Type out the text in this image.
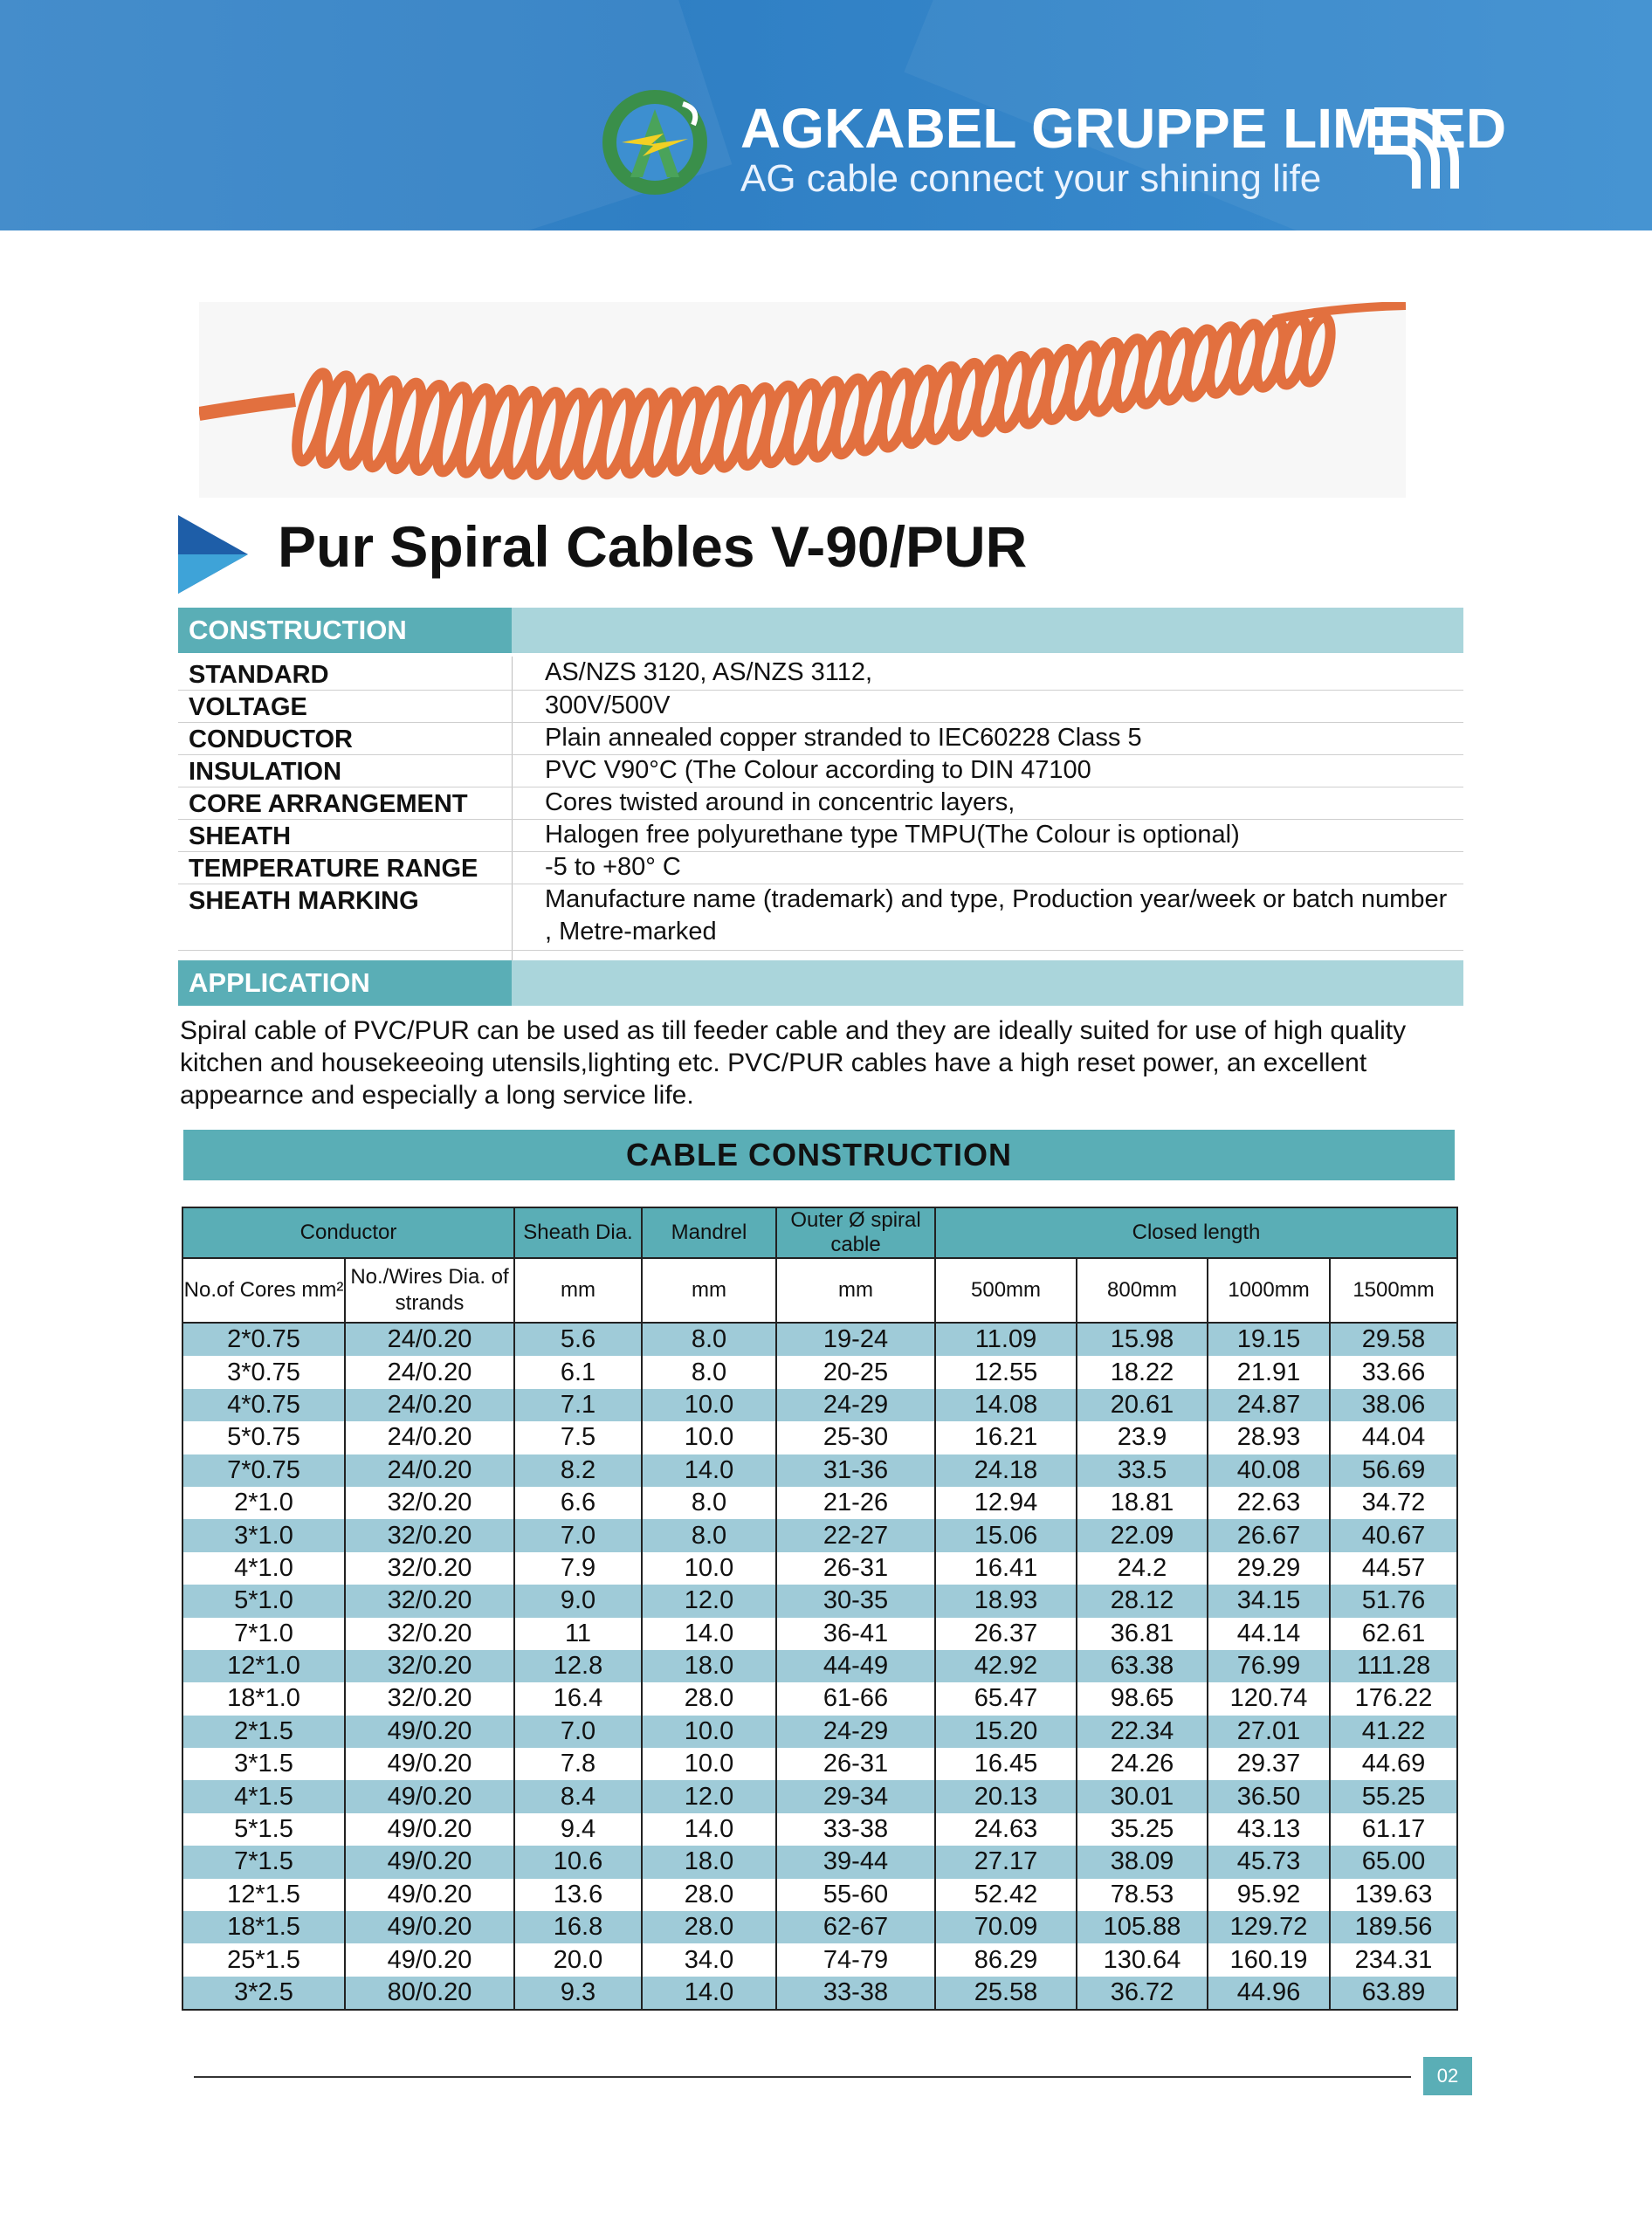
AGKABEL GRUPPE LIMITED
AG cable connect your shining life
Pur Spiral Cables V-90/PUR
CONSTRUCTION
STANDARD	AS/NZS 3120, AS/NZS 3112,
VOLTAGE	300V/500V
CONDUCTOR	Plain annealed copper stranded to IEC60228 Class 5
INSULATION	PVC V90°C (The Colour according to DIN 47100
CORE ARRANGEMENT	Cores twisted around in concentric layers,
SHEATH	Halogen free polyurethane type TMPU(The Colour is optional)
TEMPERATURE RANGE	-5 to +80° C
SHEATH MARKING	Manufacture name (trademark) and type, Production year/week or batch number , Metre-marked
APPLICATION
Spiral cable of PVC/PUR can be used as till feeder cable and they are ideally suited for use of high quality kitchen and housekeeoing utensils,lighting etc. PVC/PUR cables have a high reset power, an excellent appearnce and especially a long service life.
CABLE CONSTRUCTION
Conductor		Sheath Dia.	Mandrel	Outer Ø spiral cable	Closed length			
No.of Cores mm²	No./Wires Dia. of strands	mm	mm	mm	500mm	800mm	1000mm	1500mm
2*0.75	24/0.20	5.6	8.0	19-24	11.09	15.98	19.15	29.58
3*0.75	24/0.20	6.1	8.0	20-25	12.55	18.22	21.91	33.66
4*0.75	24/0.20	7.1	10.0	24-29	14.08	20.61	24.87	38.06
5*0.75	24/0.20	7.5	10.0	25-30	16.21	23.9	28.93	44.04
7*0.75	24/0.20	8.2	14.0	31-36	24.18	33.5	40.08	56.69
2*1.0	32/0.20	6.6	8.0	21-26	12.94	18.81	22.63	34.72
3*1.0	32/0.20	7.0	8.0	22-27	15.06	22.09	26.67	40.67
4*1.0	32/0.20	7.9	10.0	26-31	16.41	24.2	29.29	44.57
5*1.0	32/0.20	9.0	12.0	30-35	18.93	28.12	34.15	51.76
7*1.0	32/0.20	11	14.0	36-41	26.37	36.81	44.14	62.61
12*1.0	32/0.20	12.8	18.0	44-49	42.92	63.38	76.99	111.28
18*1.0	32/0.20	16.4	28.0	61-66	65.47	98.65	120.74	176.22
2*1.5	49/0.20	7.0	10.0	24-29	15.20	22.34	27.01	41.22
3*1.5	49/0.20	7.8	10.0	26-31	16.45	24.26	29.37	44.69
4*1.5	49/0.20	8.4	12.0	29-34	20.13	30.01	36.50	55.25
5*1.5	49/0.20	9.4	14.0	33-38	24.63	35.25	43.13	61.17
7*1.5	49/0.20	10.6	18.0	39-44	27.17	38.09	45.73	65.00
12*1.5	49/0.20	13.6	28.0	55-60	52.42	78.53	95.92	139.63
18*1.5	49/0.20	16.8	28.0	62-67	70.09	105.88	129.72	189.56
25*1.5	49/0.20	20.0	34.0	74-79	86.29	130.64	160.19	234.31
3*2.5	80/0.20	9.3	14.0	33-38	25.58	36.72	44.96	63.89
02
